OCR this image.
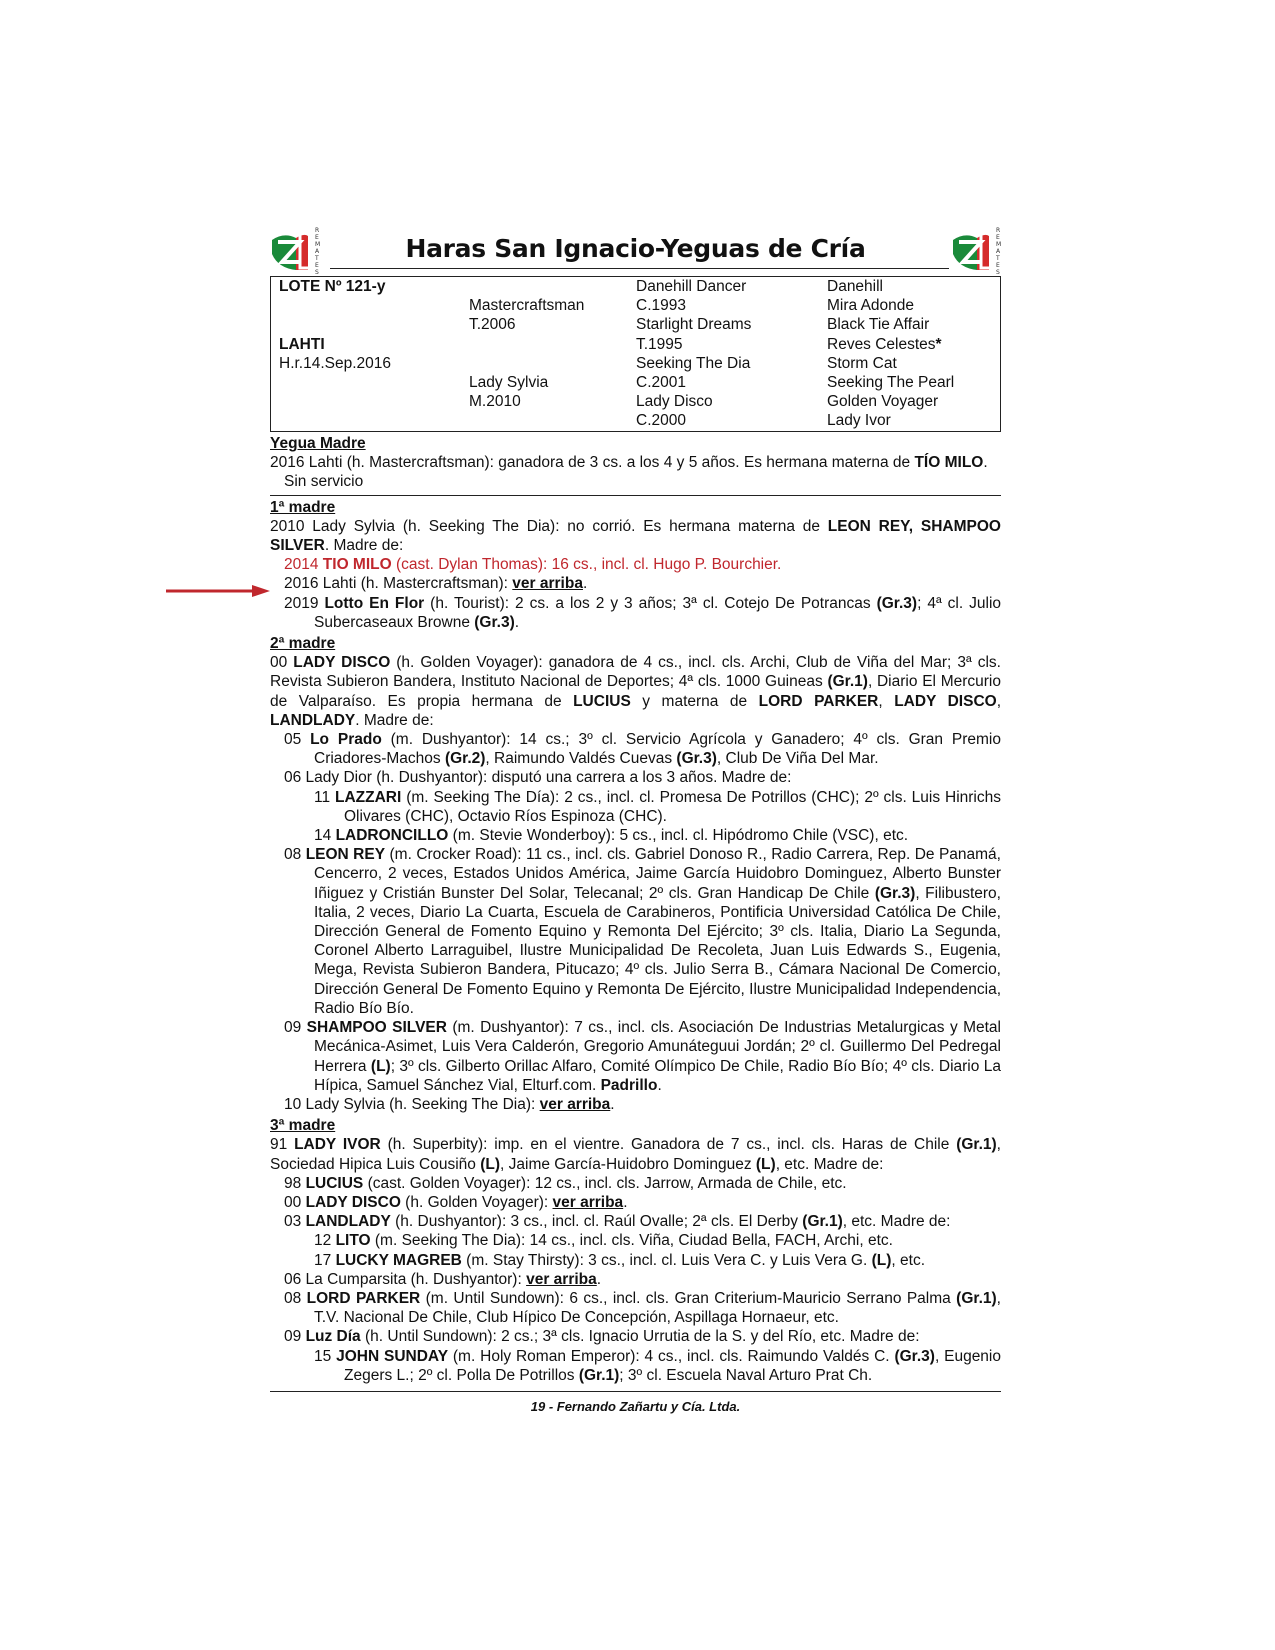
R
E
M
A
T
E
S
Haras San Ignacio-Yeguas de Cría
R
E
M
A
T
E
S
LOTE Nº 121-y
LAHTI
H.r.14.Sep.2016
Mastercraftsman
T.2006
Lady Sylvia
M.2010
Danehill Dancer
C.1993
Starlight Dreams
T.1995
Seeking The Dia
C.2001
Lady Disco
C.2000
Danehill
Mira Adonde
Black Tie Affair
Reves Celestes*
Storm Cat
Seeking The Pearl
Golden Voyager
Lady Ivor
Yegua Madre

2016 Lahti (h. Mastercraftsman): ganadora de 3 cs. a los 4 y 5 años. Es hermana materna de TÍO MILO.

Sin servicio

1ª madre

2010 Lady Sylvia (h. Seeking The Dia): no corrió. Es hermana materna de LEON REY, SHAMPOO SILVER. Madre de:

2014 TIO MILO (cast. Dylan Thomas): 16 cs., incl. cl. Hugo P. Bourchier.

2016 Lahti (h. Mastercraftsman): ver arriba.

2019 Lotto En Flor (h. Tourist): 2 cs. a los 2 y 3 años; 3ª cl. Cotejo De Potrancas (Gr.3); 4ª cl. Julio Subercaseaux Browne (Gr.3).

2ª madre

00 LADY DISCO (h. Golden Voyager): ganadora de 4 cs., incl. cls. Archi, Club de Viña del Mar; 3ª cls. Revista Subieron Bandera, Instituto Nacional de Deportes; 4ª cls. 1000 Guineas (Gr.1), Diario El Mercurio de Valparaíso. Es propia hermana de LUCIUS y materna de LORD PARKER, LADY DISCO, LANDLADY. Madre de:

05 Lo Prado (m. Dushyantor): 14 cs.; 3º cl. Servicio Agrícola y Ganadero; 4º cls. Gran Premio Criadores-Machos (Gr.2), Raimundo Valdés Cuevas (Gr.3), Club De Viña Del Mar.

06 Lady Dior (h. Dushyantor): disputó una carrera a los 3 años. Madre de:

11 LAZZARI (m. Seeking The Día): 2 cs., incl. cl. Promesa De Potrillos (CHC); 2º cls. Luis Hinrichs Olivares (CHC), Octavio Ríos Espinoza (CHC).

14 LADRONCILLO (m. Stevie Wonderboy): 5 cs., incl. cl. Hipódromo Chile (VSC), etc.

08 LEON REY (m. Crocker Road): 11 cs., incl. cls. Gabriel Donoso R., Radio Carrera, Rep. De Panamá, Cencerro, 2 veces, Estados Unidos América, Jaime García Huidobro Dominguez, Alberto Bunster Iñiguez y Cristián Bunster Del Solar, Telecanal; 2º cls. Gran Handicap De Chile (Gr.3), Filibustero, Italia, 2 veces, Diario La Cuarta, Escuela de Carabineros, Pontificia Universidad Católica De Chile, Dirección General de Fomento Equino y Remonta Del Ejército; 3º cls. Italia, Diario La Segunda, Coronel Alberto Larraguibel, Ilustre Municipalidad De Recoleta, Juan Luis Edwards S., Eugenia, Mega, Revista Subieron Bandera, Pitucazo; 4º cls. Julio Serra B., Cámara Nacional De Comercio, Dirección General De Fomento Equino y Remonta De Ejército, Ilustre Municipalidad Independencia, Radio Bío Bío.

09 SHAMPOO SILVER (m. Dushyantor): 7 cs., incl. cls. Asociación De Industrias Metalurgicas y Metal Mecánica-Asimet, Luis Vera Calderón, Gregorio Amunáteguui Jordán; 2º cl. Guillermo Del Pedregal Herrera (L); 3º cls. Gilberto Orillac Alfaro, Comité Olímpico De Chile, Radio Bío Bío; 4º cls. Diario La Hípica, Samuel Sánchez Vial, Elturf.com. Padrillo.

10 Lady Sylvia (h. Seeking The Dia): ver arriba.

3ª madre

91 LADY IVOR (h. Superbity): imp. en el vientre. Ganadora de 7 cs., incl. cls. Haras de Chile (Gr.1), Sociedad Hipica Luis Cousiño (L), Jaime García-Huidobro Dominguez (L), etc. Madre de:

98 LUCIUS (cast. Golden Voyager): 12 cs., incl. cls. Jarrow, Armada de Chile, etc.

00 LADY DISCO (h. Golden Voyager): ver arriba.

03 LANDLADY (h. Dushyantor): 3 cs., incl. cl. Raúl Ovalle; 2ª cls. El Derby (Gr.1), etc. Madre de:

12 LITO (m. Seeking The Dia): 14 cs., incl. cls. Viña, Ciudad Bella, FACH, Archi, etc.

17 LUCKY MAGREB (m. Stay Thirsty): 3 cs., incl. cl. Luis Vera C. y Luis Vera G. (L), etc.

06 La Cumparsita (h. Dushyantor): ver arriba.

08 LORD PARKER (m. Until Sundown): 6 cs., incl. cls. Gran Criterium-Mauricio Serrano Palma (Gr.1), T.V. Nacional De Chile, Club Hípico De Concepción, Aspillaga Hornaeur, etc.

09 Luz Día (h. Until Sundown): 2 cs.; 3ª cls. Ignacio Urrutia de la S. y del Río, etc. Madre de:

15 JOHN SUNDAY (m. Holy Roman Emperor): 4 cs., incl. cls. Raimundo Valdés C. (Gr.3), Eugenio Zegers L.; 2º cl. Polla De Potrillos (Gr.1); 3º cl. Escuela Naval Arturo Prat Ch.

19 - Fernando Zañartu y Cía. Ltda.
